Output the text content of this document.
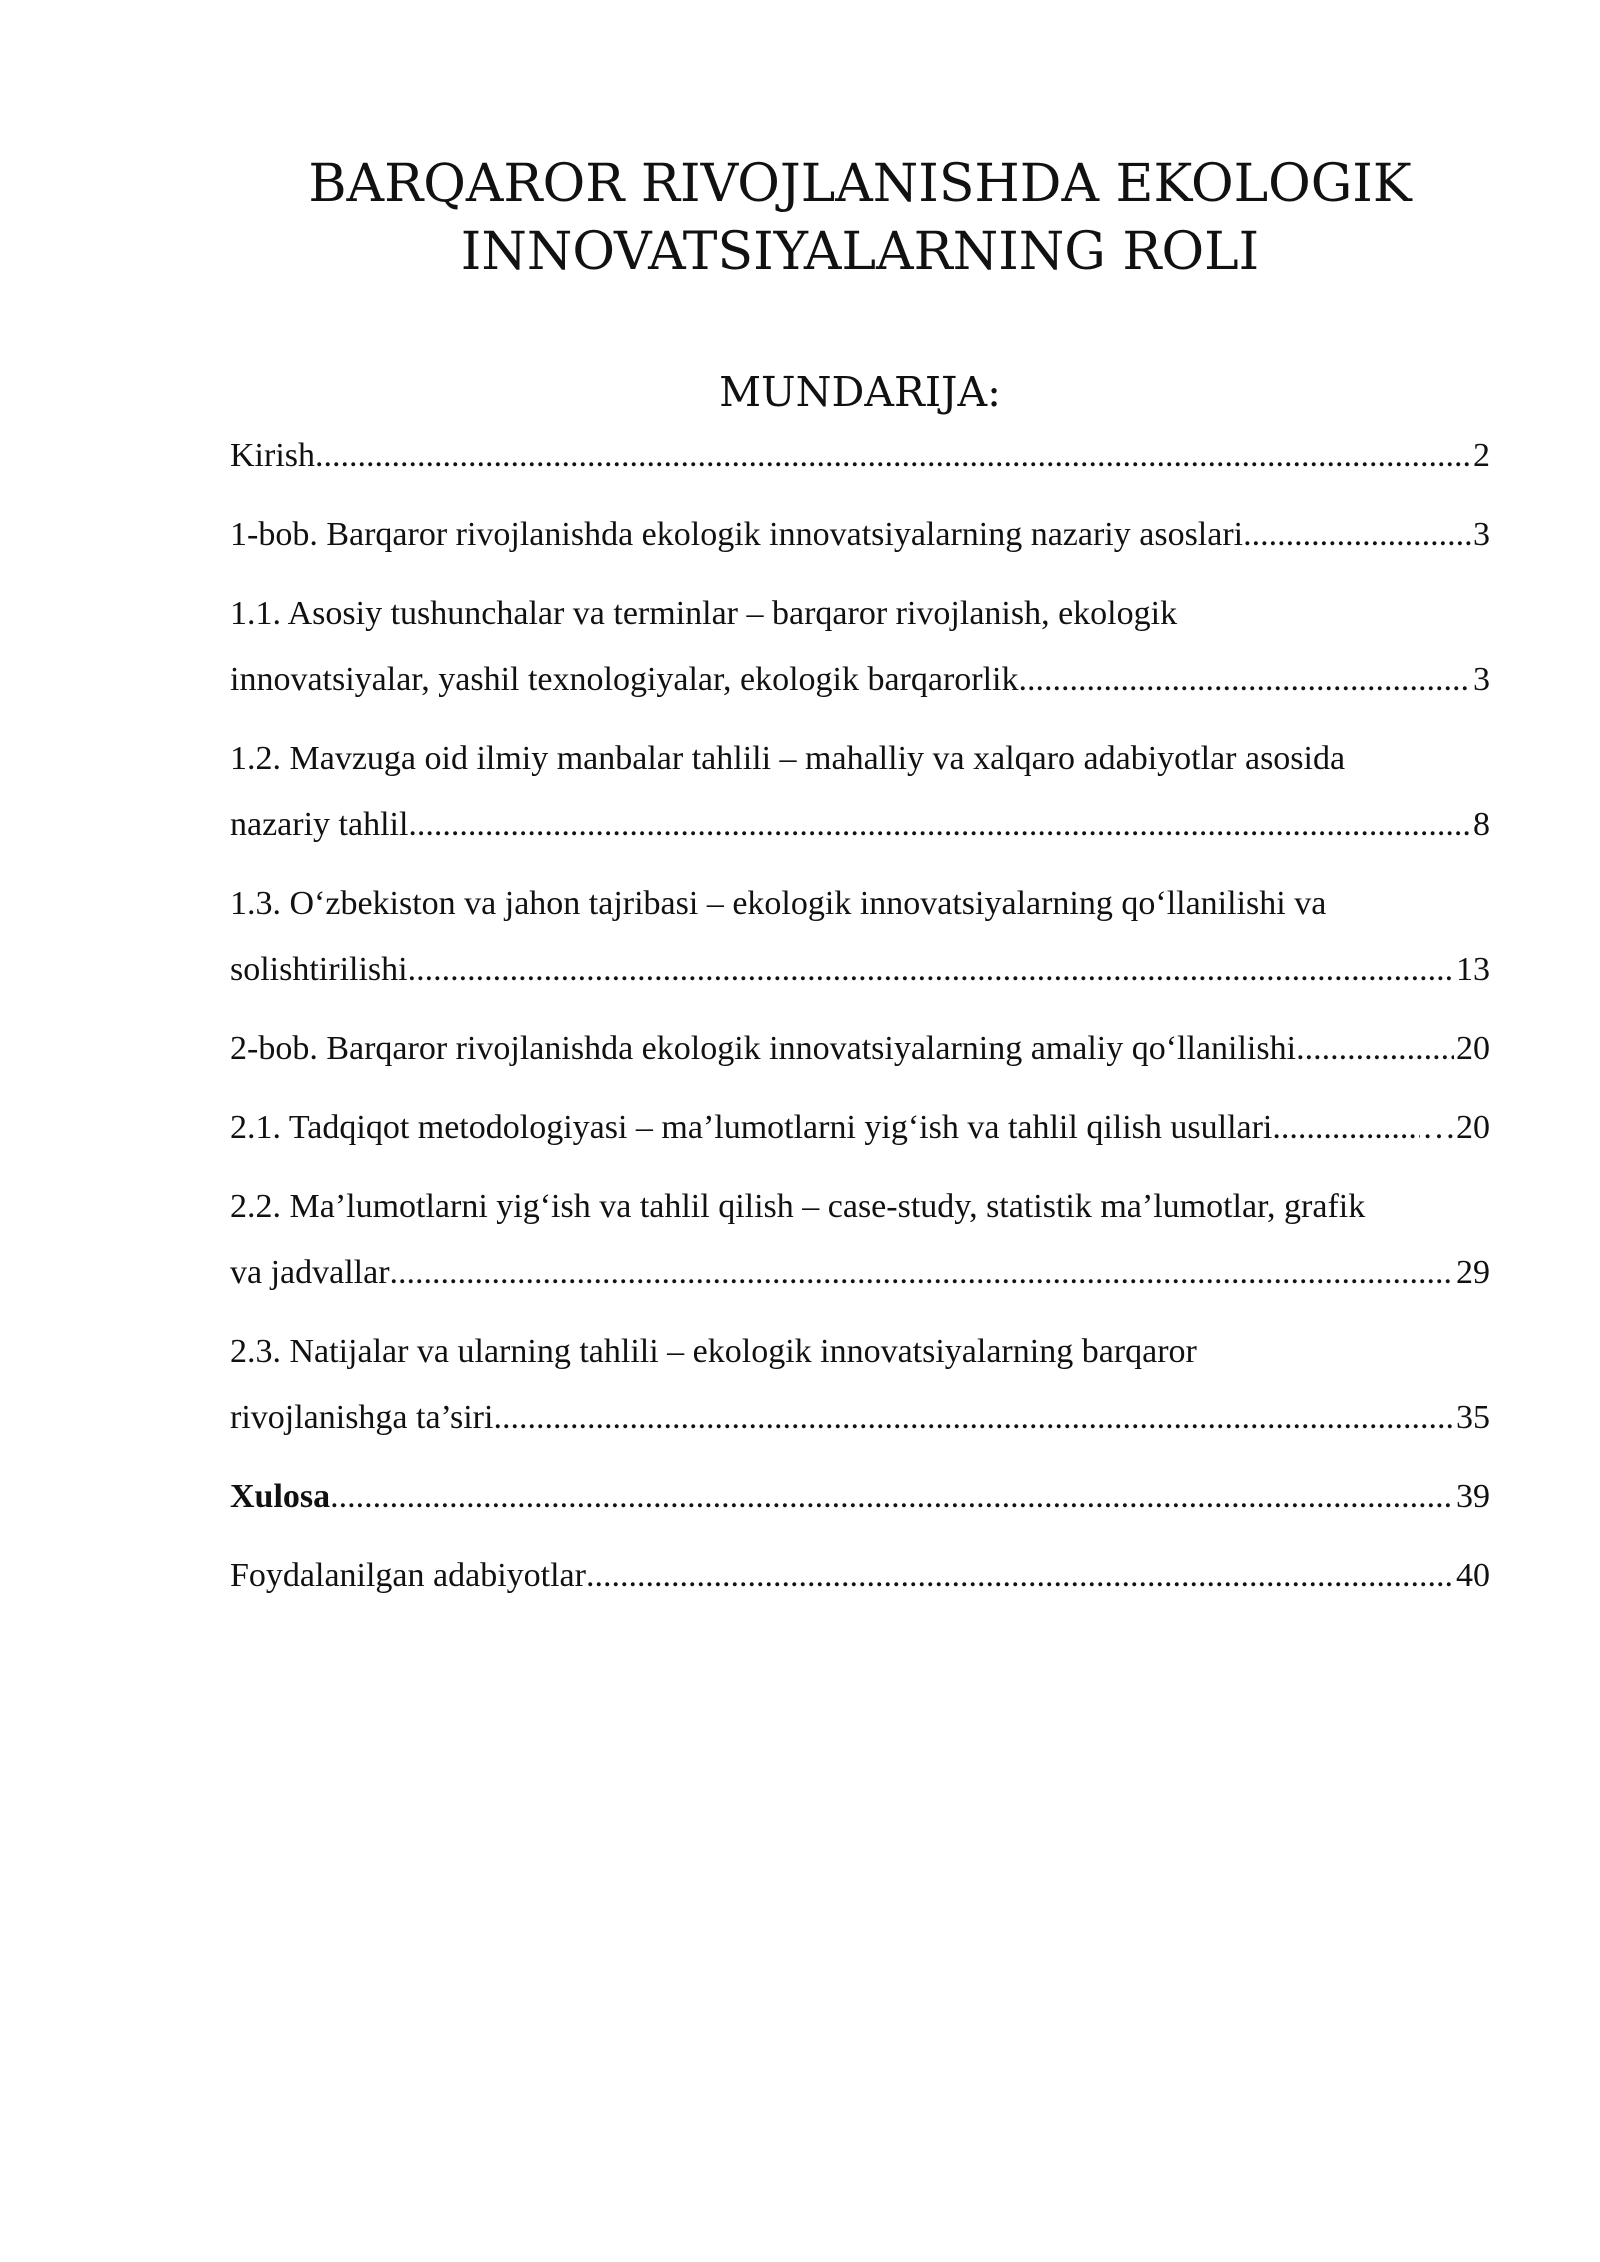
BARQAROR RIVOJLANISHDA EKOLOGIK
INNOVATSIYALARNING ROLI
MUNDARIJA:
Kirish .....	2
1-bob. Barqaror rivojlanishda ekologik innovatsiyalarning nazariy asoslari .....	3
1.1. Asosiy tushunchalar va terminlar – barqaror rivojlanish, ekologik
innovatsiyalar, yashil texnologiyalar, ekologik barqarorlik .....	3
1.2. Mavzuga oid ilmiy manbalar tahlili – mahalliy va xalqaro adabiyotlar asosida
nazariy tahlil .....	8
1.3. O‘zbekiston va jahon tajribasi – ekologik innovatsiyalarning qo‘llanilishi va
solishtirilishi .....	13
2-bob. Barqaror rivojlanishda ekologik innovatsiyalarning amaliy qo‘llanilishi .....	20
2.1. Tadqiqot metodologiyasi – ma’lumotlarni yig‘ish va tahlil qilish usullari. .....	…20
2.2. Ma’lumotlarni yig‘ish va tahlil qilish – case-study, statistik ma’lumotlar, grafik
va jadvallar .....	29
2.3. Natijalar va ularning tahlili – ekologik innovatsiyalarning barqaror
rivojlanishga ta’siri .....	35
Xulosa .....	39
Foydalanilgan adabiyotlar .....	40
